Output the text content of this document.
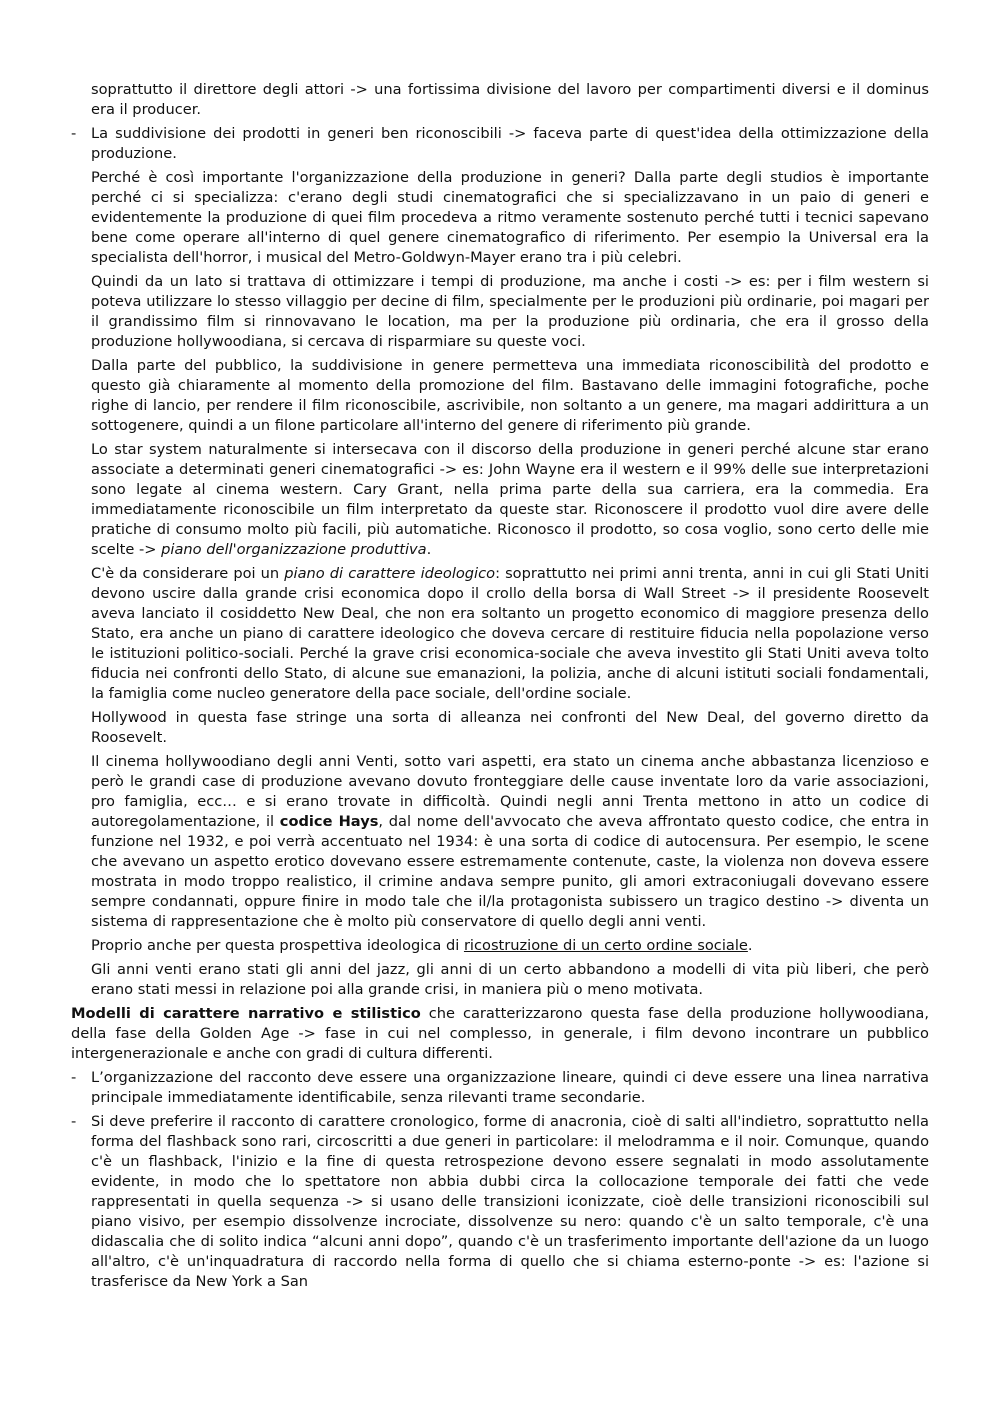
soprattutto il direttore degli attori -> una fortissima divisione del lavoro per compartimenti diversi e il dominus era il producer.

- La suddivisione dei prodotti in generi ben riconoscibili -> faceva parte di quest'idea della ottimizzazione della produzione.

Perché è così importante l'organizzazione della produzione in generi? Dalla parte degli studios è importante perché ci si specializza: c'erano degli studi cinematografici che si specializzavano in un paio di generi e evidentemente la produzione di quei film procedeva a ritmo veramente sostenuto perché tutti i tecnici sapevano bene come operare all'interno di quel genere cinematografico di riferimento. Per esempio la Universal era la specialista dell'horror, i musical del Metro-Goldwyn-Mayer erano tra i più celebri.

Quindi da un lato si trattava di ottimizzare i tempi di produzione, ma anche i costi -> es: per i film western si poteva utilizzare lo stesso villaggio per decine di film, specialmente per le produzioni più ordinarie, poi magari per il grandissimo film si rinnovavano le location, ma per la produzione più ordinaria, che era il grosso della produzione hollywoodiana, si cercava di risparmiare su queste voci.

Dalla parte del pubblico, la suddivisione in genere permetteva una immediata riconoscibilità del prodotto e questo già chiaramente al momento della promozione del film. Bastavano delle immagini fotografiche, poche righe di lancio, per rendere il film riconoscibile, ascrivibile, non soltanto a un genere, ma magari addirittura a un sottogenere, quindi a un filone particolare all'interno del genere di riferimento più grande.

Lo star system naturalmente si intersecava con il discorso della produzione in generi perché alcune star erano associate a determinati generi cinematografici -> es: John Wayne era il western e il 99% delle sue interpretazioni sono legate al cinema western. Cary Grant, nella prima parte della sua carriera, era la commedia. Era immediatamente riconoscibile un film interpretato da queste star. Riconoscere il prodotto vuol dire avere delle pratiche di consumo molto più facili, più automatiche. Riconosco il prodotto, so cosa voglio, sono certo delle mie scelte -> piano dell'organizzazione produttiva.

C'è da considerare poi un piano di carattere ideologico: soprattutto nei primi anni trenta, anni in cui gli Stati Uniti devono uscire dalla grande crisi economica dopo il crollo della borsa di Wall Street -> il presidente Roosevelt aveva lanciato il cosiddetto New Deal, che non era soltanto un progetto economico di maggiore presenza dello Stato, era anche un piano di carattere ideologico che doveva cercare di restituire fiducia nella popolazione verso le istituzioni politico-sociali. Perché la grave crisi economica-sociale che aveva investito gli Stati Uniti aveva tolto fiducia nei confronti dello Stato, di alcune sue emanazioni, la polizia, anche di alcuni istituti sociali fondamentali, la famiglia come nucleo generatore della pace sociale, dell'ordine sociale.

Hollywood in questa fase stringe una sorta di alleanza nei confronti del New Deal, del governo diretto da Roosevelt.

Il cinema hollywoodiano degli anni Venti, sotto vari aspetti, era stato un cinema anche abbastanza licenzioso e però le grandi case di produzione avevano dovuto fronteggiare delle cause inventate loro da varie associazioni, pro famiglia, ecc… e si erano trovate in difficoltà. Quindi negli anni Trenta mettono in atto un codice di autoregolamentazione, il codice Hays, dal nome dell'avvocato che aveva affrontato questo codice, che entra in funzione nel 1932, e poi verrà accentuato nel 1934: è una sorta di codice di autocensura. Per esempio, le scene che avevano un aspetto erotico dovevano essere estremamente contenute, caste, la violenza non doveva essere mostrata in modo troppo realistico, il crimine andava sempre punito, gli amori extraconiugali dovevano essere sempre condannati, oppure finire in modo tale che il/la protagonista subissero un tragico destino -> diventa un sistema di rappresentazione che è molto più conservatore di quello degli anni venti.

Proprio anche per questa prospettiva ideologica di ricostruzione di un certo ordine sociale.

Gli anni venti erano stati gli anni del jazz, gli anni di un certo abbandono a modelli di vita più liberi, che però erano stati messi in relazione poi alla grande crisi, in maniera più o meno motivata.

Modelli di carattere narrativo e stilistico che caratterizzarono questa fase della produzione hollywoodiana, della fase della Golden Age -> fase in cui nel complesso, in generale, i film devono incontrare un pubblico intergenerazionale e anche con gradi di cultura differenti.

- L’organizzazione del racconto deve essere una organizzazione lineare, quindi ci deve essere una linea narrativa principale immediatamente identificabile, senza rilevanti trame secondarie.

- Si deve preferire il racconto di carattere cronologico, forme di anacronia, cioè di salti all'indietro, soprattutto nella forma del flashback sono rari, circoscritti a due generi in particolare: il melodramma e il noir. Comunque, quando c'è un flashback, l'inizio e la fine di questa retrospezione devono essere segnalati in modo assolutamente evidente, in modo che lo spettatore non abbia dubbi circa la collocazione temporale dei fatti che vede rappresentati in quella sequenza -> si usano delle transizioni iconizzate, cioè delle transizioni riconoscibili sul piano visivo, per esempio dissolvenze incrociate, dissolvenze su nero: quando c'è un salto temporale, c'è una didascalia che di solito indica “alcuni anni dopo”, quando c'è un trasferimento importante dell'azione da un luogo all'altro, c'è un'inquadratura di raccordo nella forma di quello che si chiama esterno-ponte -> es: l'azione si trasferisce da New York a San
